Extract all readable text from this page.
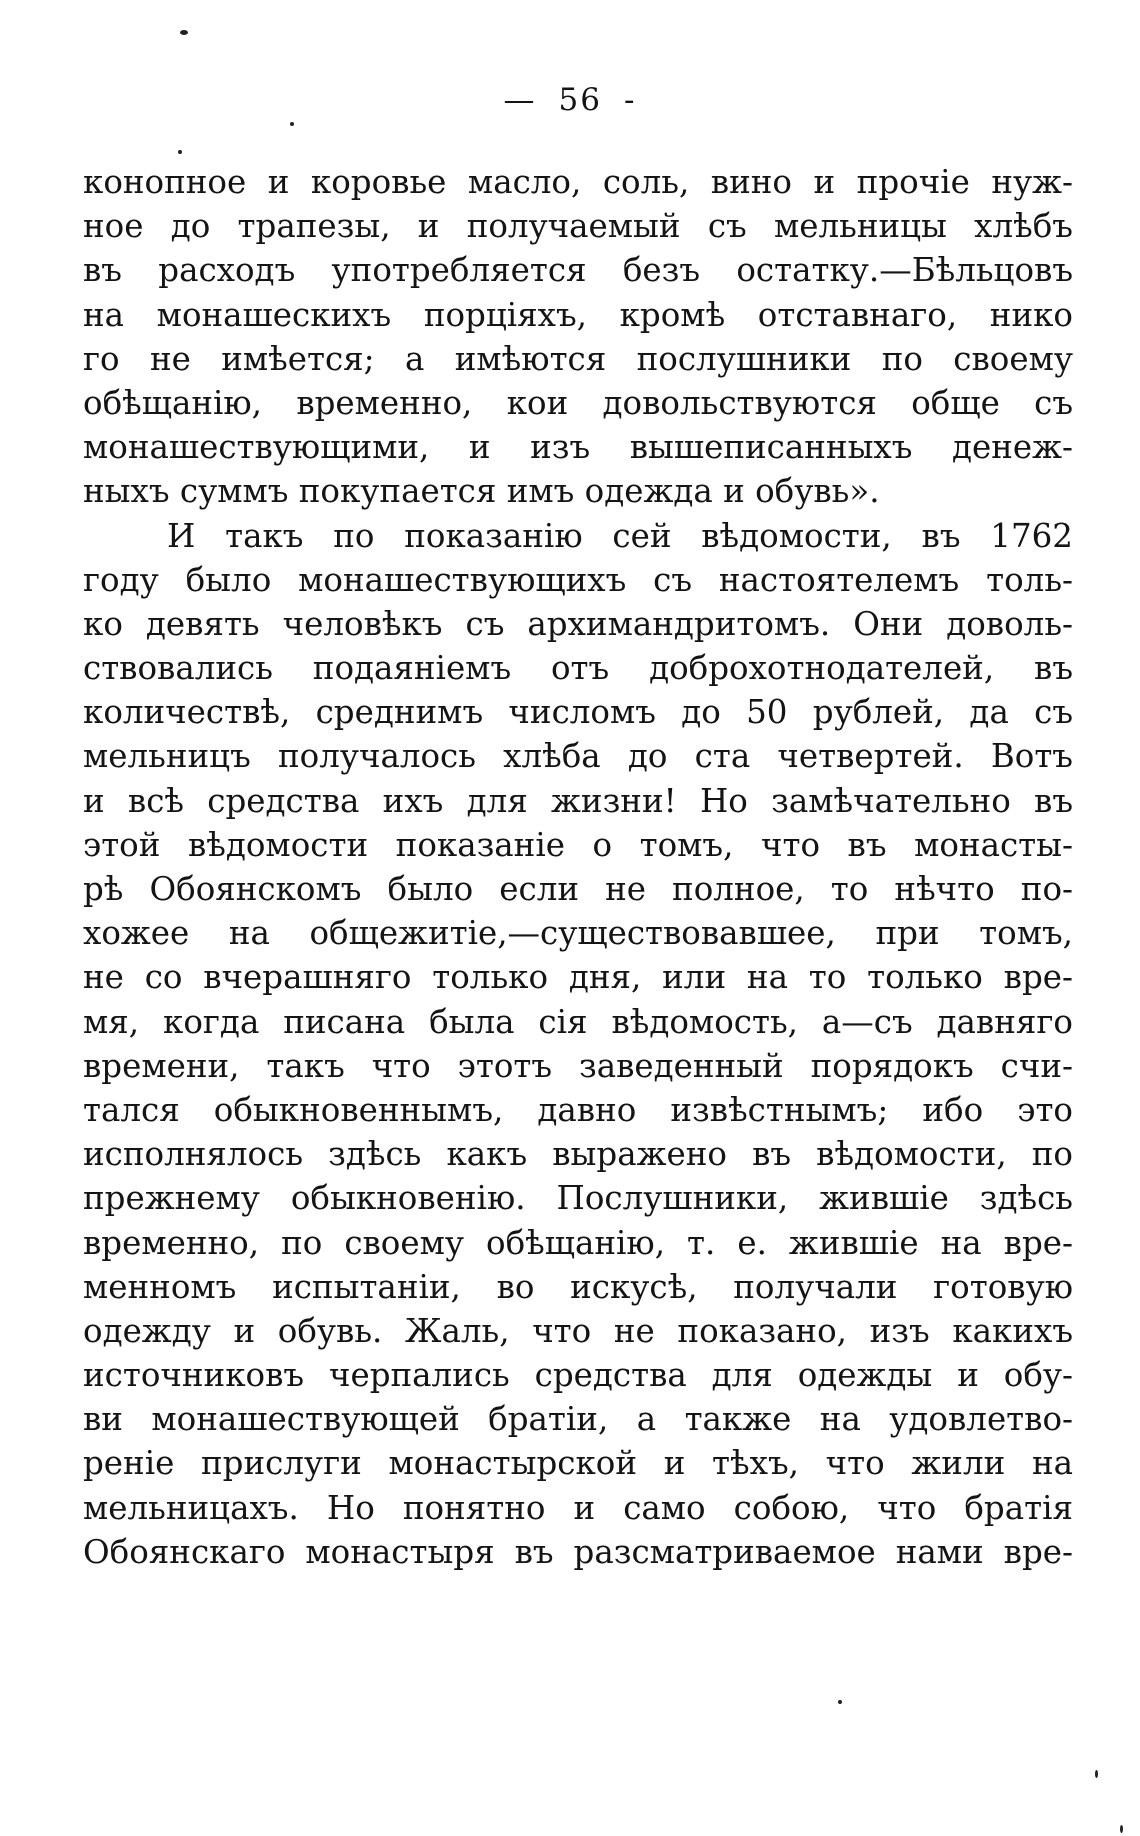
— 56 -
конопное и коровье масло, соль, вино и прочіе нуж-
ное до трапезы, и получаемый съ мельницы хлѣбъ
въ расходъ употребляется безъ остатку.—Бѣльцовъ
на монашескихъ порціяхъ, кромѣ отставнаго, нико
го не имѣется; а имѣются послушники по своему
обѣщанію, временно, кои довольствуются обще съ
монашествующими, и изъ вышеписанныхъ денеж-
ныхъ суммъ покупается имъ одежда и обувь».
И такъ по показанію сей вѣдомости, въ 1762
году было монашествующихъ съ настоятелемъ толь-
ко девять человѣкъ съ архимандритомъ. Они доволь-
ствовались подаяніемъ отъ доброхотнодателей, въ
количествѣ, среднимъ числомъ до 50 рублей, да съ
мельницъ получалось хлѣба до ста четвертей. Вотъ
и всѣ средства ихъ для жизни! Но замѣчательно въ
этой вѣдомости показаніе о томъ, что въ монасты-
рѣ Обоянскомъ было если не полное, то нѣчто по-
хожее на общежитіе,—существовавшее, при томъ,
не со вчерашняго только дня, или на то только вре-
мя, когда писана была сія вѣдомость, а—съ давняго
времени, такъ что этотъ заведенный порядокъ счи-
тался обыкновеннымъ, давно извѣстнымъ; ибо это
исполнялось здѣсь какъ выражено въ вѣдомости, по
прежнему обыкновенію. Послушники, жившіе здѣсь
временно, по своему обѣщанію, т. е. жившіе на вре-
менномъ испытаніи, во искусѣ, получали готовую
одежду и обувь. Жаль, что не показано, изъ какихъ
источниковъ черпались средства для одежды и обу-
ви монашествующей братіи, а также на удовлетво-
реніе прислуги монастырской и тѣхъ, что жили на
мельницахъ. Но понятно и само собою, что братія
Обоянскаго монастыря въ разсматриваемое нами вре-
